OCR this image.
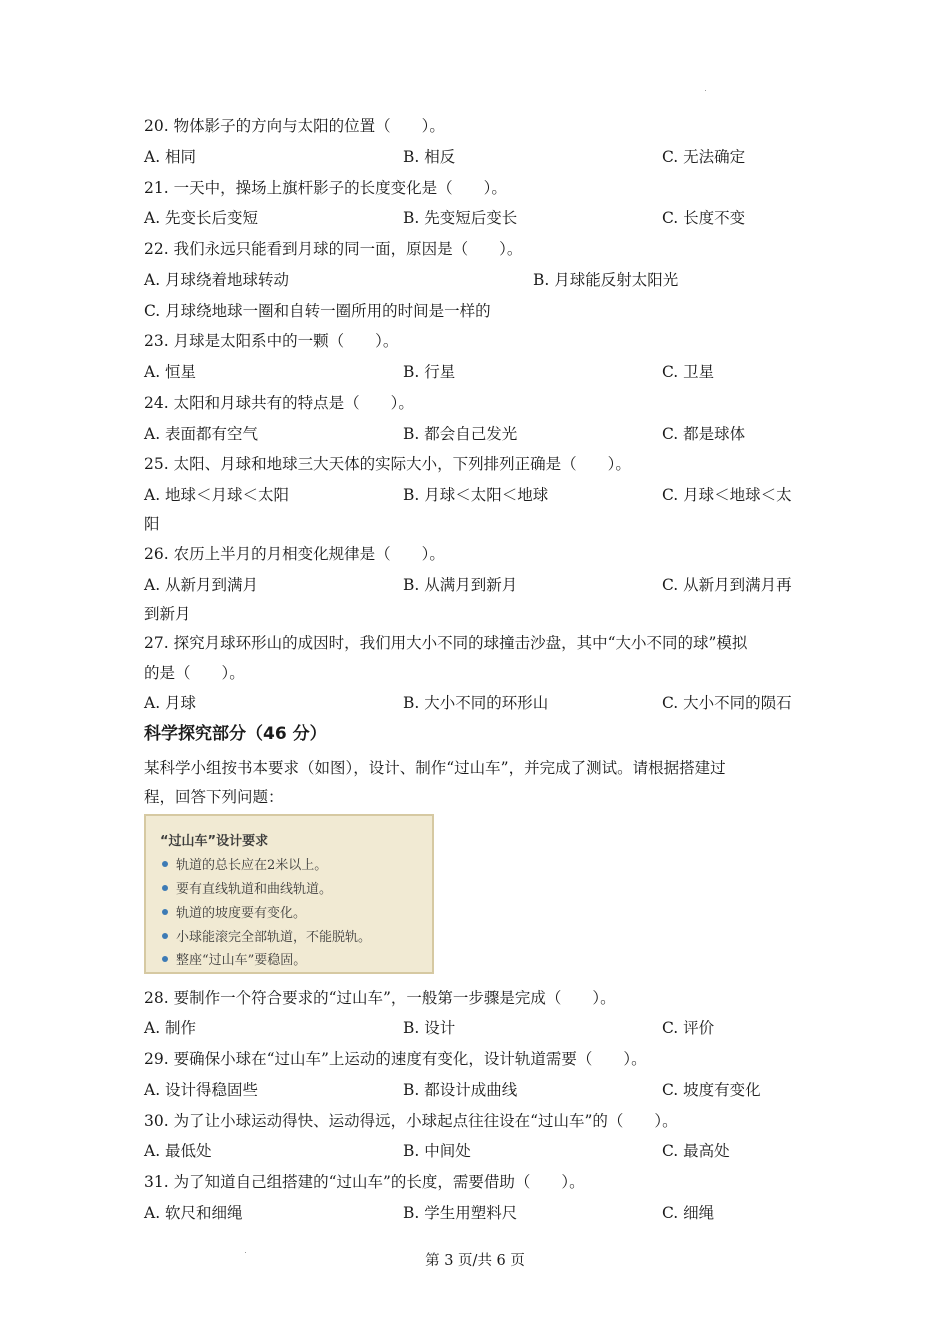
20. 物体影子的方向与太阳的位置（　　）。
A. 相同	B. 相反	C. 无法确定
21. 一天中，操场上旗杆影子的长度变化是（　　）。
A. 先变长后变短	B. 先变短后变长	C. 长度不变
22. 我们永远只能看到月球的同一面，原因是（　　）。
A. 月球绕着地球转动	B. 月球能反射太阳光
C. 月球绕地球一圈和自转一圈所用的时间是一样的
23. 月球是太阳系中的一颗（　　）。
A. 恒星	B. 行星	C. 卫星
24. 太阳和月球共有的特点是（　　）。
A. 表面都有空气	B. 都会自己发光	C. 都是球体
25. 太阳、月球和地球三大天体的实际大小，下列排列正确是（　　）。
A. 地球＜月球＜太阳	B. 月球＜太阳＜地球	C. 月球＜地球＜太
阳
26. 农历上半月的月相变化规律是（　　）。
A. 从新月到满月	B. 从满月到新月	C. 从新月到满月再
到新月
27. 探究月球环形山的成因时，我们用大小不同的球撞击沙盘，其中“大小不同的球”模拟
的是（　　）。
A. 月球	B. 大小不同的环形山	C. 大小不同的陨石
科学探究部分（46 分）
某科学小组按书本要求（如图），设计、制作“过山车”，并完成了测试。请根据搭建过
程，回答下列问题：
“过山车”设计要求
轨道的总长应在2米以上。
要有直线轨道和曲线轨道。
轨道的坡度要有变化。
小球能滚完全部轨道，不能脱轨。
整座“过山车”要稳固。
28. 要制作一个符合要求的“过山车”，一般第一步骤是完成（　　）。
A. 制作	B. 设计	C. 评价
29. 要确保小球在“过山车”上运动的速度有变化，设计轨道需要（　　）。
A. 设计得稳固些	B. 都设计成曲线	C. 坡度有变化
30. 为了让小球运动得快、运动得远，小球起点往往设在“过山车”的（　　）。
A. 最低处	B. 中间处	C. 最高处
31. 为了知道自己组搭建的“过山车”的长度，需要借助（　　）。
A. 软尺和细绳	B. 学生用塑料尺	C. 细绳
第 3 页/共 6 页
